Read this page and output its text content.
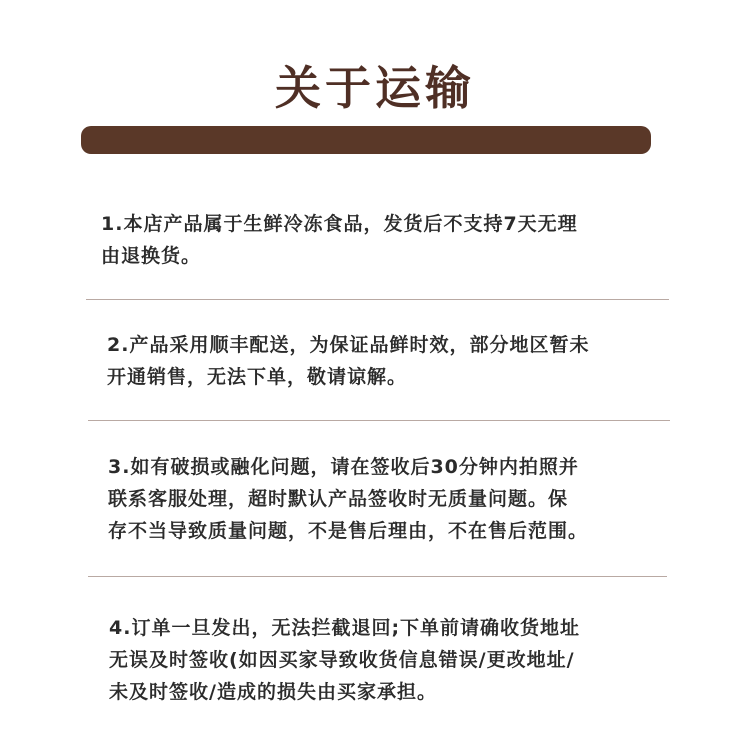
关于运输
1.本店产品属于生鲜冷冻食品，发货后不支持7天无理
由退换货。
2.产品采用顺丰配送，为保证品鲜时效，部分地区暂未
开通销售，无法下单，敬请谅解。
3.如有破损或融化问题，请在签收后30分钟内拍照并
联系客服处理，超时默认产品签收时无质量问题。保
存不当导致质量问题，不是售后理由，不在售后范围。
4.订单一旦发出，无法拦截退回;下单前请确收货地址
无误及时签收(如因买家导致收货信息错误/更改地址/
未及时签收/造成的损失由买家承担。
